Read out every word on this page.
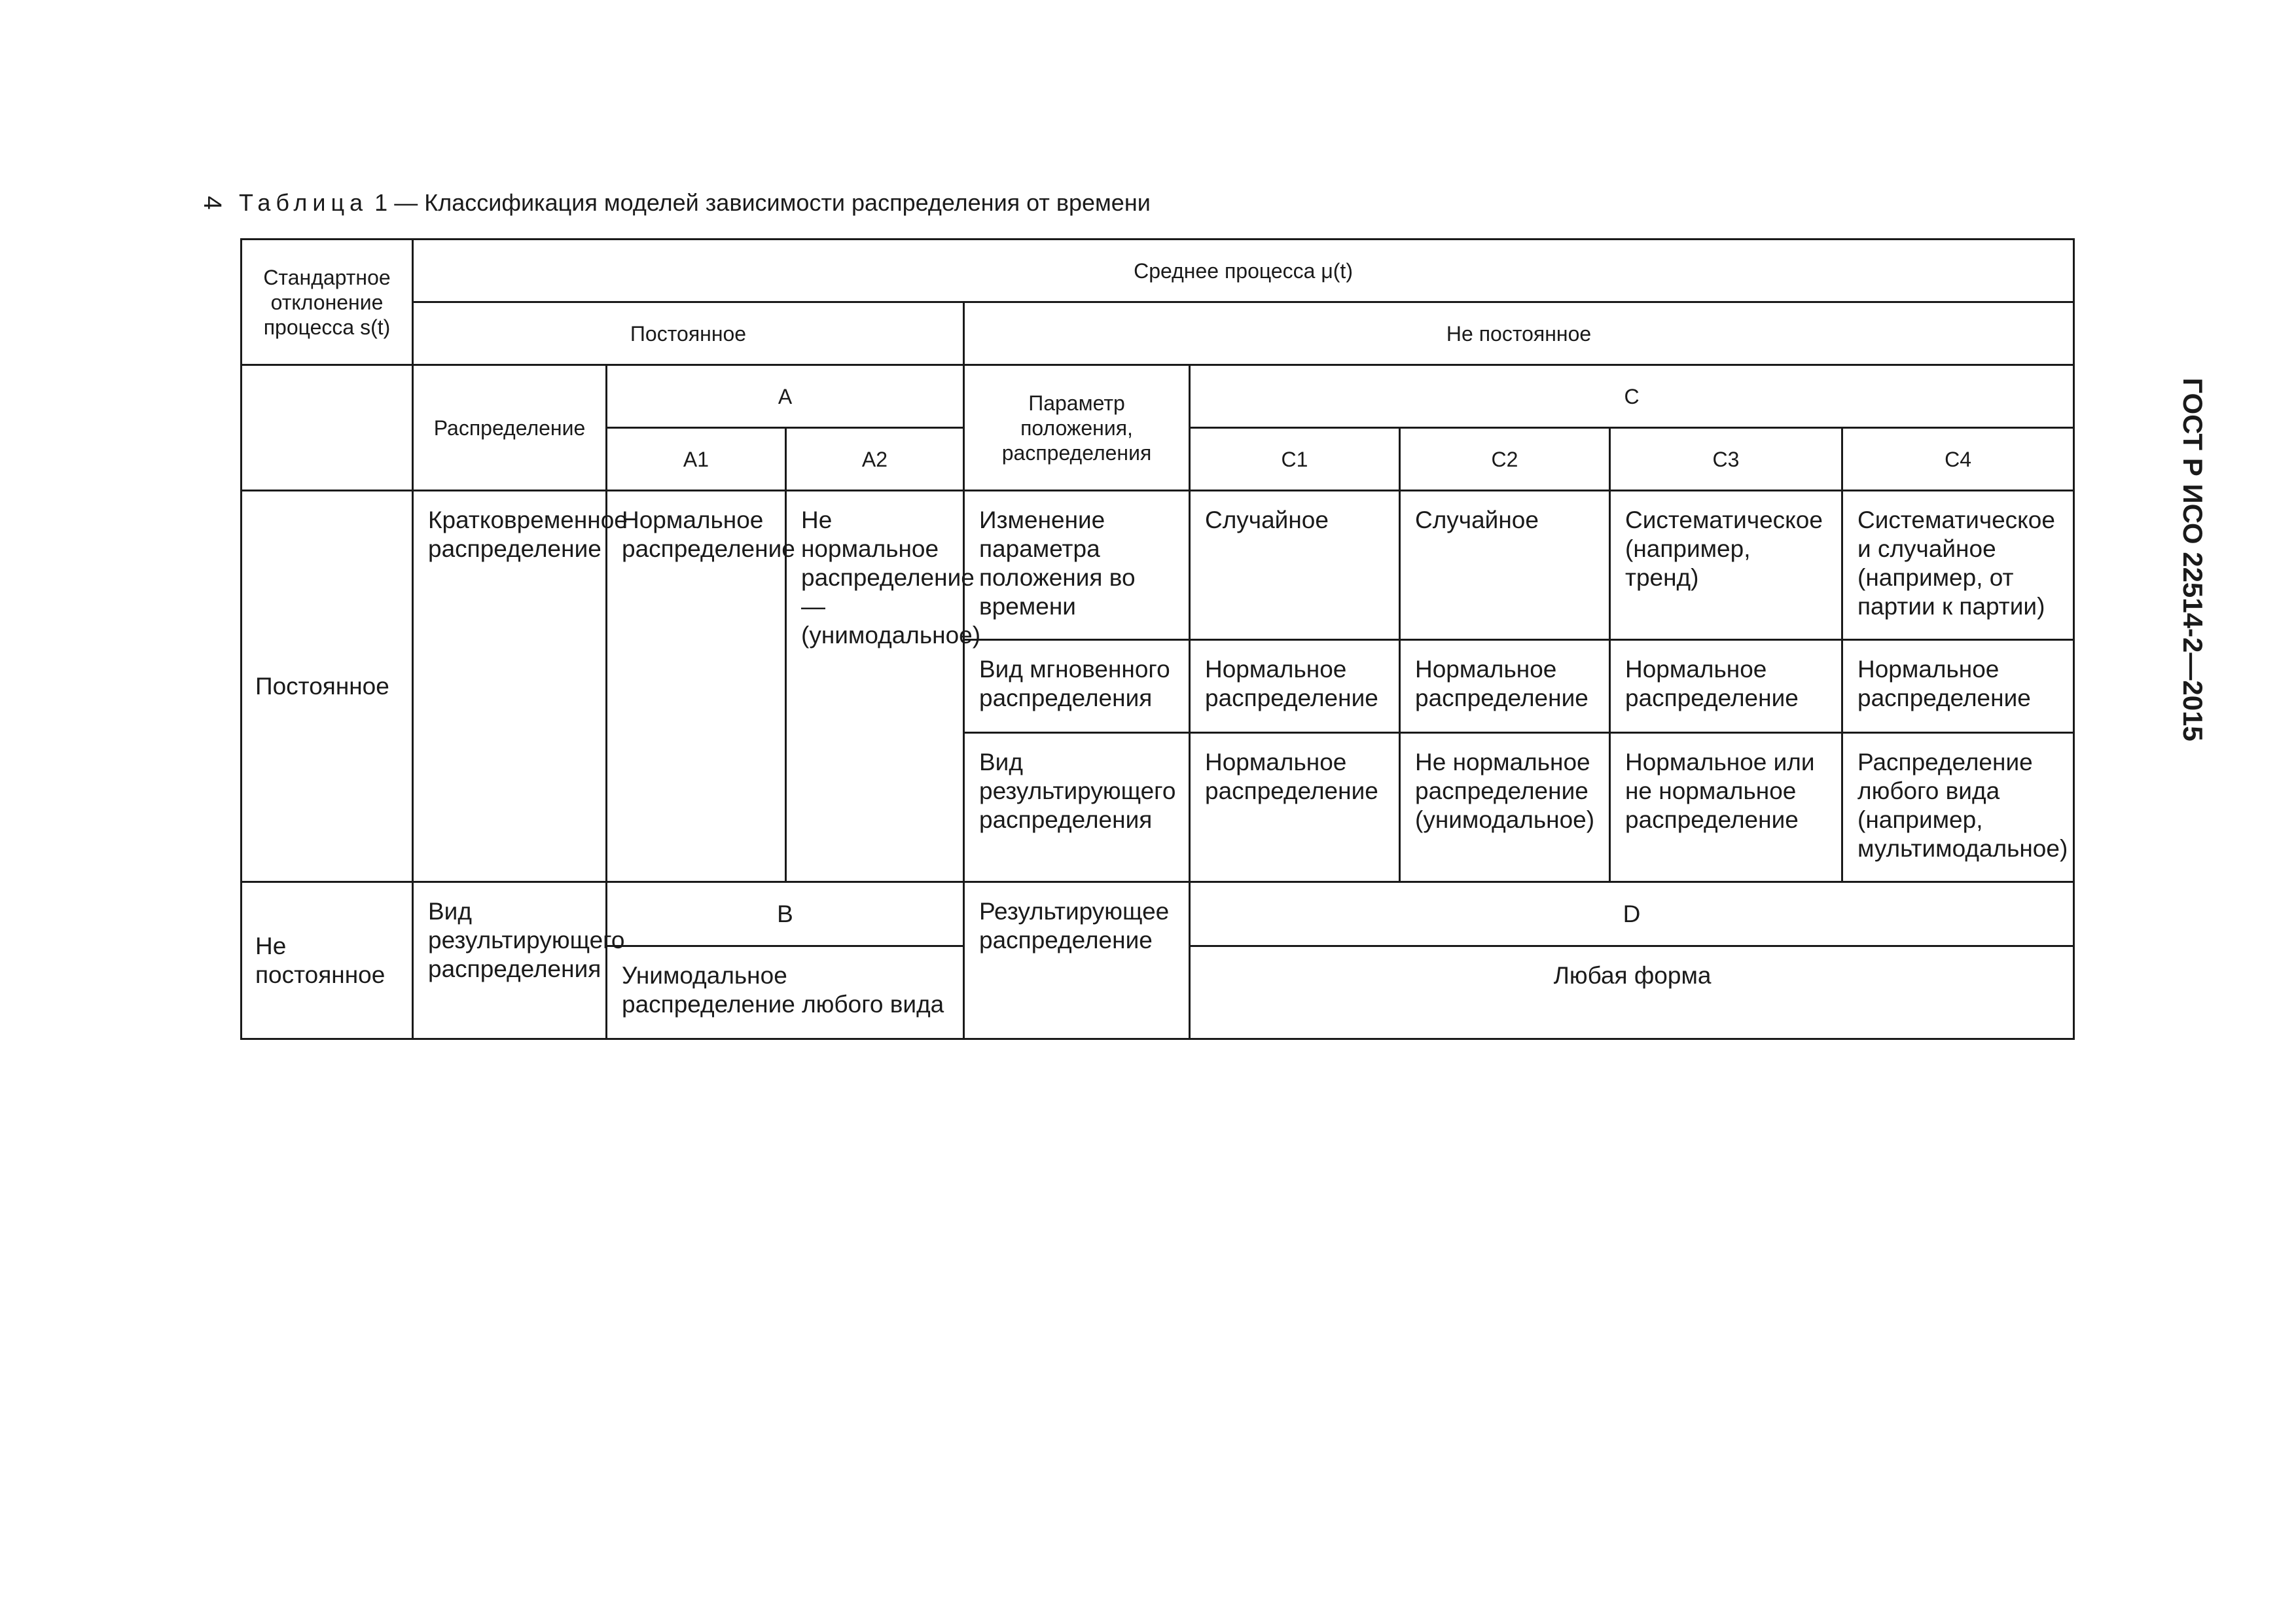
4
ГОСТ Р ИСО 22514-2—2015
Таблица 1 — Классификация моделей зависимости распределения от времени
Стандартное отклонение процесса s(t)	Среднее процесса μ(t)							
	Постоянное			Не постоянное				
	Распределение	A		Параметр положения, распределения	C			
		A1	A2		C1	C2	C3	C4
Постоянное	Кратковременное распределение	Нормальное распределение	Не нормальное распределение — (унимодальное)	Изменение параметра положения во времени	Случайное	Случайное	Систематическое (например, тренд)	Систематическое и случайное (например, от партии к партии)
				Вид мгновенного распределения	Нормальное распределение	Нормальное распределение	Нормальное распределение	Нормальное распределение
				Вид результирующего распределения	Нормальное распределение	Не нормальное распределение (унимодальное)	Нормальное или не нормальное распределение	Распределение любого вида (например, мультимодальное)
Не постоянное	Вид результирующего распределения	B		Результирующее распределение	D			
		Унимодальное распределение любого вида			Любая форма			
